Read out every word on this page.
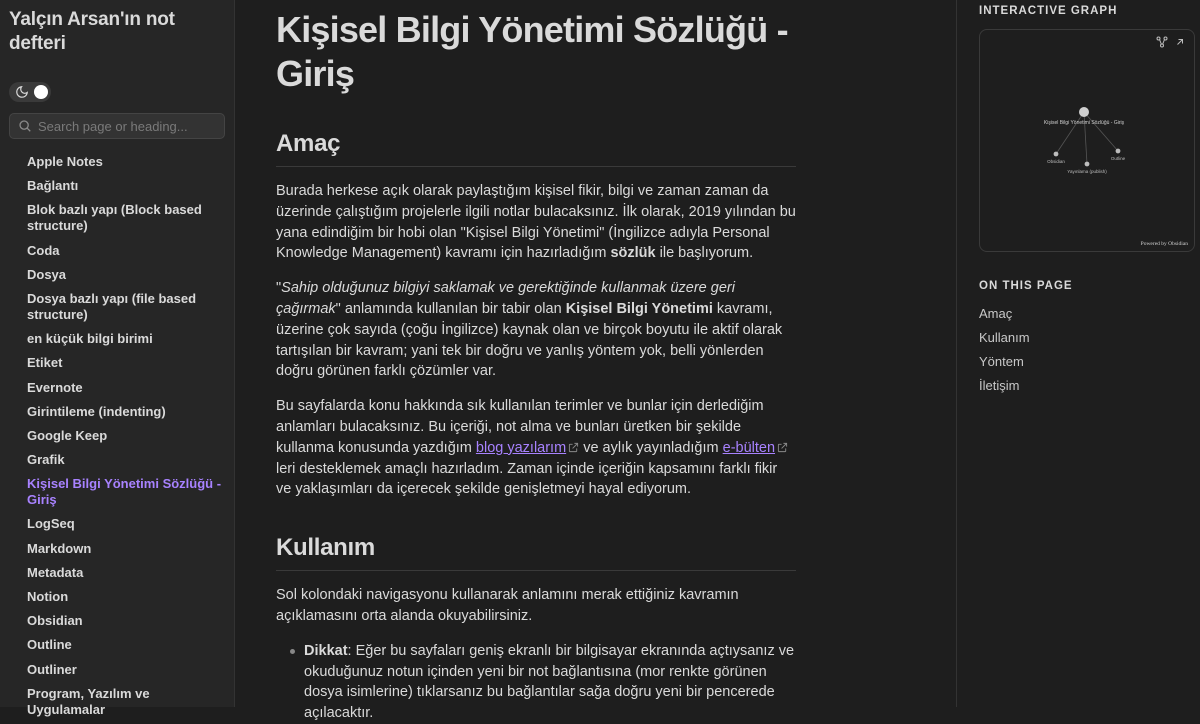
Yalçın Arsan'ın not defteri
Search page or heading...
Apple Notes
Bağlantı
Blok bazlı yapı (Block based structure)
Coda
Dosya
Dosya bazlı yapı (file based structure)
en küçük bilgi birimi
Etiket
Evernote
Girintileme (indenting)
Google Keep
Grafik
Kişisel Bilgi Yönetimi Sözlüğü - Giriş
LogSeq
Markdown
Metadata
Notion
Obsidian
Outline
Outliner
Program, Yazılım ve Uygulamalar
Kişisel Bilgi Yönetimi Sözlüğü - Giriş
Amaç

Burada herkese açık olarak paylaştığım kişisel fikir, bilgi ve zaman zaman da üzerinde çalıştığım projelerle ilgili notlar bulacaksınız. İlk olarak, 2019 yılından bu yana edindiğim bir hobi olan "Kişisel Bilgi Yönetimi" (İngilizce adıyla Personal Knowledge Management) kavramı için hazırladığım sözlük ile başlıyorum.

"Sahip olduğunuz bilgiyi saklamak ve gerektiğinde kullanmak üzere geri çağırmak" anlamında kullanılan bir tabir olan Kişisel Bilgi Yönetimi kavramı, üzerine çok sayıda (çoğu İngilizce) kaynak olan ve birçok boyutu ile aktif olarak tartışılan bir kavram; yani tek bir doğru ve yanlış yöntem yok, belli yönlerden doğru görünen farklı çözümler var.

Bu sayfalarda konu hakkında sık kullanılan terimler ve bunlar için derlediğim anlamları bulacaksınız. Bu içeriği, not alma ve bunları üretken bir şekilde kullanma konusunda yazdığım blog yazılarım ve aylık yayınladığım e-bültenleri desteklemek amaçlı hazırladım. Zaman içinde içeriğin kapsamını farklı fikir ve yaklaşımları da içerecek şekilde genişletmeyi hayal ediyorum.

Kullanım

Sol kolondaki navigasyonu kullanarak anlamını merak ettiğiniz kavramın açıklamasını orta alanda okuyabilirsiniz.

Dikkat: Eğer bu sayfaları geniş ekranlı bir bilgisayar ekranında açtıysanız ve okuduğunuz notun içinden yeni bir not bağlantısına (mor renkte görünen dosya isimlerine) tıklarsanız bu bağlantılar sağa doğru yeni bir pencerede açılacaktır.
INTERACTIVE GRAPH
Kişisel Bilgi Yönetimi Sözlüğü - Giriş
Obsidian
Outline
Yayınlama (publish)
Powered by Obsidian
ON THIS PAGE
Amaç
Kullanım
Yöntem
İletişim
